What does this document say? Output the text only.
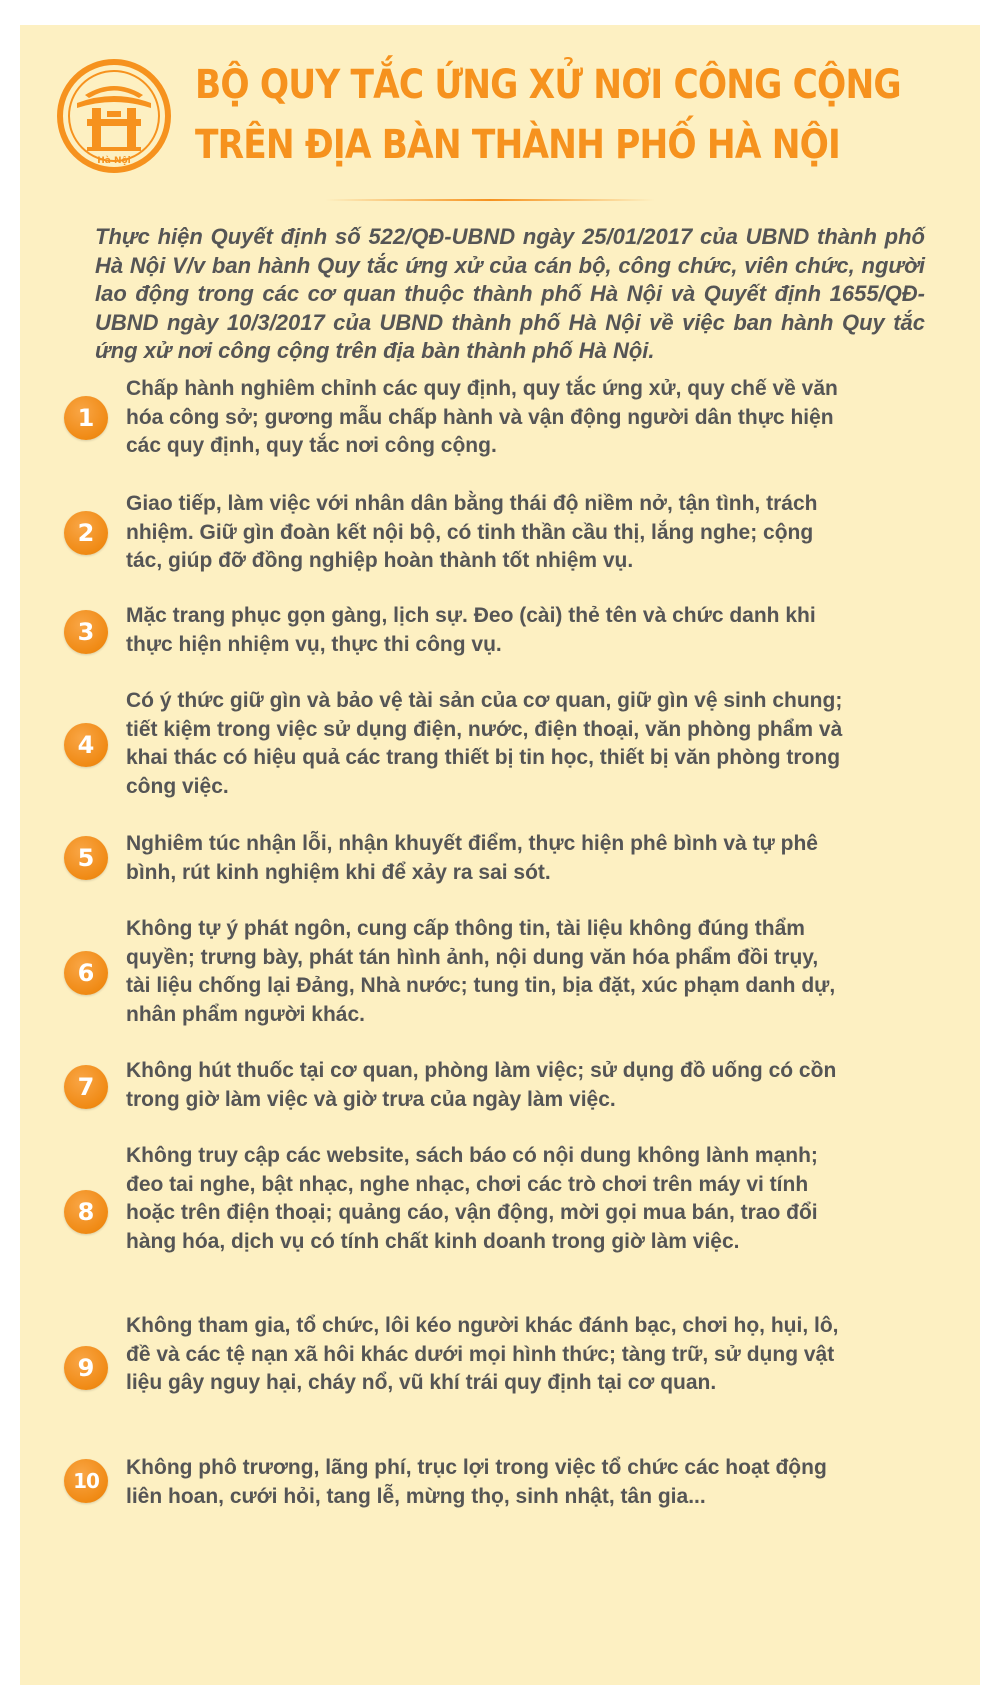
Hà Nội
BỘ QUY TẮC ỨNG XỬ NƠI CÔNG CỘNG
TRÊN ĐỊA BÀN THÀNH PHỐ HÀ NỘI

Thực hiện Quyết định số 522/QĐ-UBND ngày 25/01/2017 của UBND thành phố Hà Nội V/v ban hành Quy tắc ứng xử của cán bộ, công chức, viên chức, người lao động trong các cơ quan thuộc thành phố Hà Nội và Quyết định 1655/QĐ-UBND ngày 10/3/2017 của UBND thành phố Hà Nội về việc ban hành Quy tắc ứng xử nơi công cộng trên địa bàn thành phố Hà Nội.

1

Chấp hành nghiêm chỉnh các quy định, quy tắc ứng xử, quy chế về văn hóa công sở; gương mẫu chấp hành và vận động người dân thực hiện các quy định, quy tắc nơi công cộng.

2

Giao tiếp, làm việc với nhân dân bằng thái độ niềm nở, tận tình, trách nhiệm. Giữ gìn đoàn kết nội bộ, có tinh thần cầu thị, lắng nghe; cộng tác, giúp đỡ đồng nghiệp hoàn thành tốt nhiệm vụ.

3

Mặc trang phục gọn gàng, lịch sự. Đeo (cài) thẻ tên và chức danh khi thực hiện nhiệm vụ, thực thi công vụ.

4

Có ý thức giữ gìn và bảo vệ tài sản của cơ quan, giữ gìn vệ sinh chung; tiết kiệm trong việc sử dụng điện, nước, điện thoại, văn phòng phẩm và khai thác có hiệu quả các trang thiết bị tin học, thiết bị văn phòng trong công việc.

5

Nghiêm túc nhận lỗi, nhận khuyết điểm, thực hiện phê bình và tự phê bình, rút kinh nghiệm khi để xảy ra sai sót.

6

Không tự ý phát ngôn, cung cấp thông tin, tài liệu không đúng thẩm quyền; trưng bày, phát tán hình ảnh, nội dung văn hóa phẩm đồi trụy, tài liệu chống lại Đảng, Nhà nước; tung tin, bịa đặt, xúc phạm danh dự, nhân phẩm người khác.

7

Không hút thuốc tại cơ quan, phòng làm việc; sử dụng đồ uống có cồn trong giờ làm việc và giờ trưa của ngày làm việc.

8

Không truy cập các website, sách báo có nội dung không lành mạnh; đeo tai nghe, bật nhạc, nghe nhạc, chơi các trò chơi trên máy vi tính hoặc trên điện thoại; quảng cáo, vận động, mời gọi mua bán, trao đổi hàng hóa, dịch vụ có tính chất kinh doanh trong giờ làm việc.

9

Không tham gia, tổ chức, lôi kéo người khác đánh bạc, chơi họ, hụi, lô, đề và các tệ nạn xã hôi khác dưới mọi hình thức; tàng trữ, sử dụng vật liệu gây nguy hại, cháy nổ, vũ khí trái quy định tại cơ quan.

10

Không phô trương, lãng phí, trục lợi trong việc tổ chức các hoạt động liên hoan, cưới hỏi, tang lễ, mừng thọ, sinh nhật, tân gia...
